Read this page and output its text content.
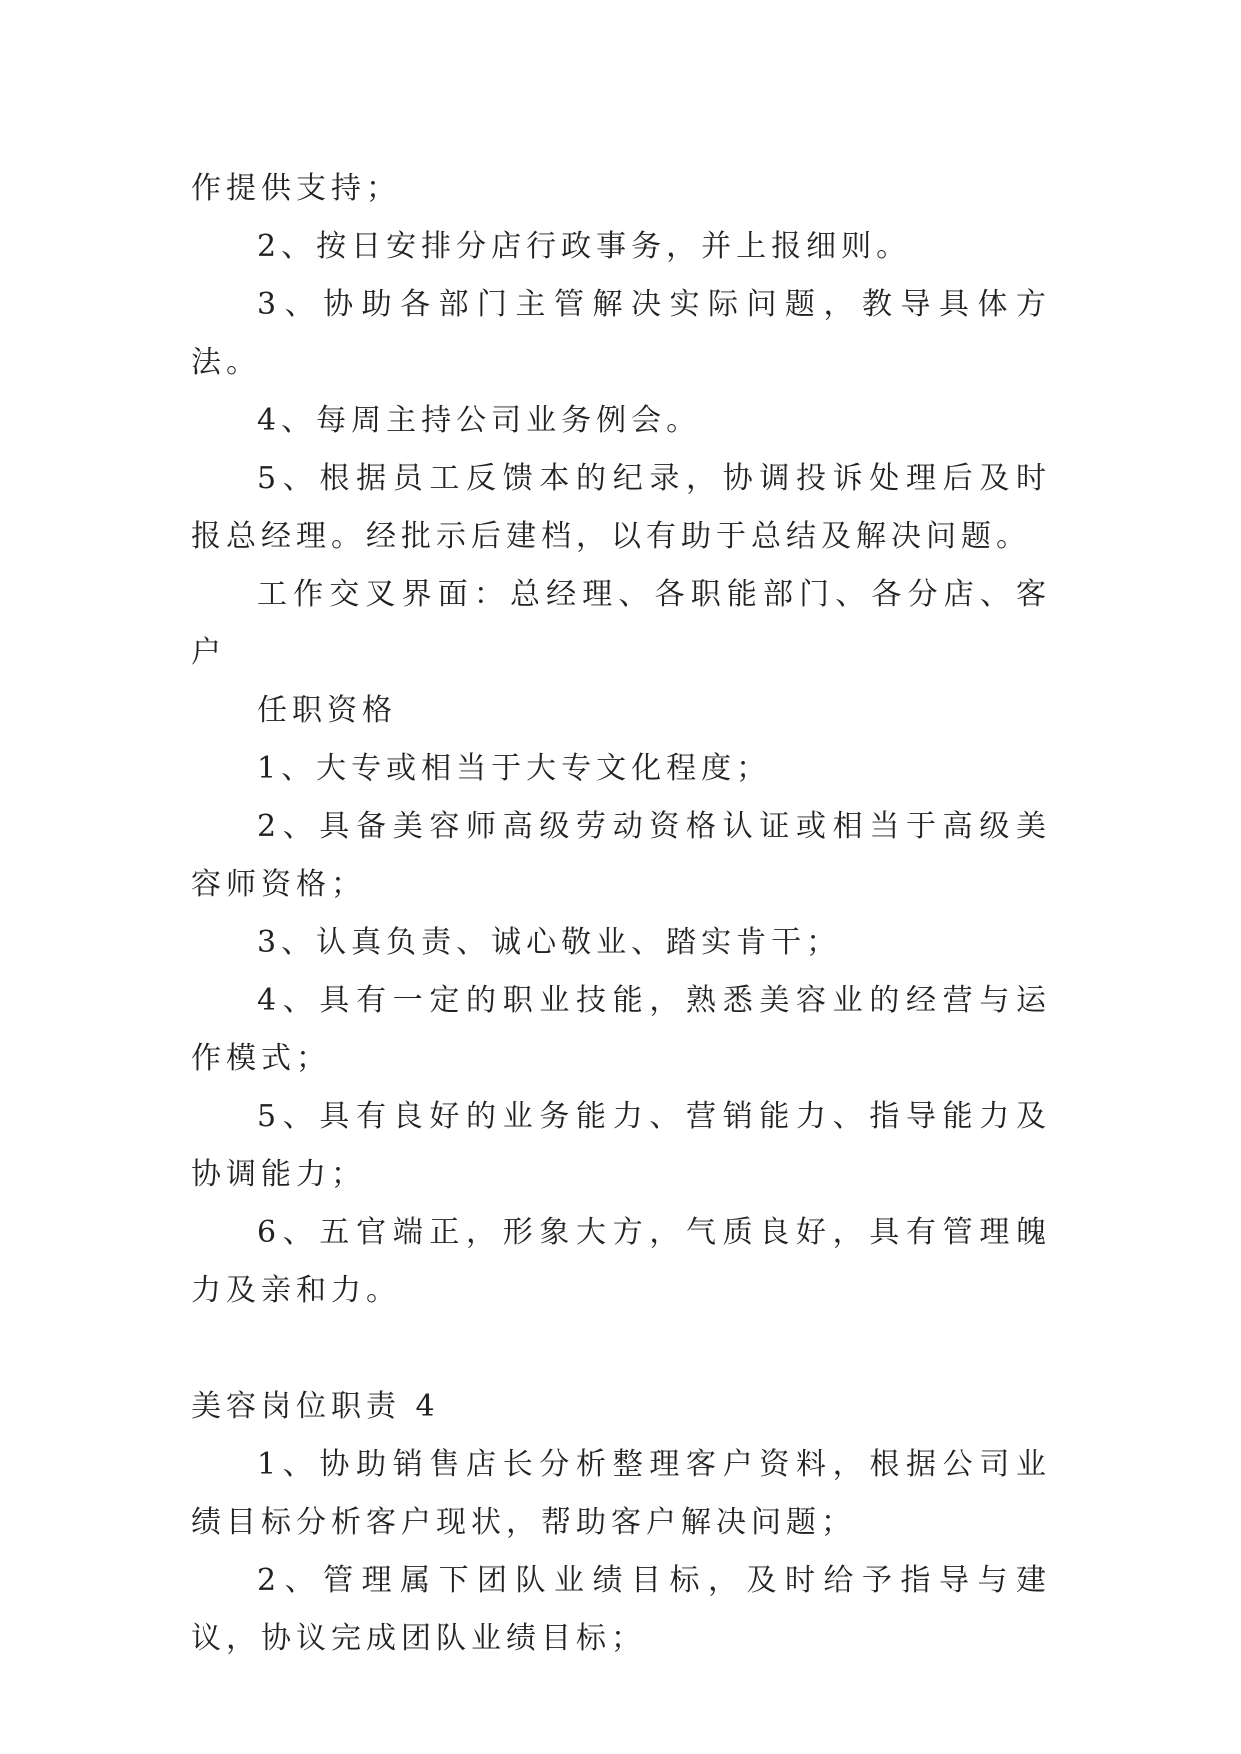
作提供支持；

2、按日安排分店行政事务，并上报细则。

3、协助各部门主管解决实际问题，教导具体方法。

4、每周主持公司业务例会。

5、根据员工反馈本的纪录，协调投诉处理后及时报总经理。经批示后建档，以有助于总结及解决问题。

工作交叉界面：总经理、各职能部门、各分店、客户

任职资格

1、大专或相当于大专文化程度；

2、具备美容师高级劳动资格认证或相当于高级美容师资格；

3、认真负责、诚心敬业、踏实肯干；

4、具有一定的职业技能，熟悉美容业的经营与运作模式；

5、具有良好的业务能力、营销能力、指导能力及协调能力；

6、五官端正，形象大方，气质良好，具有管理魄力及亲和力。

美容岗位职责 4

1、协助销售店长分析整理客户资料，根据公司业绩目标分析客户现状，帮助客户解决问题；

2、管理属下团队业绩目标，及时给予指导与建议，协议完成团队业绩目标；
